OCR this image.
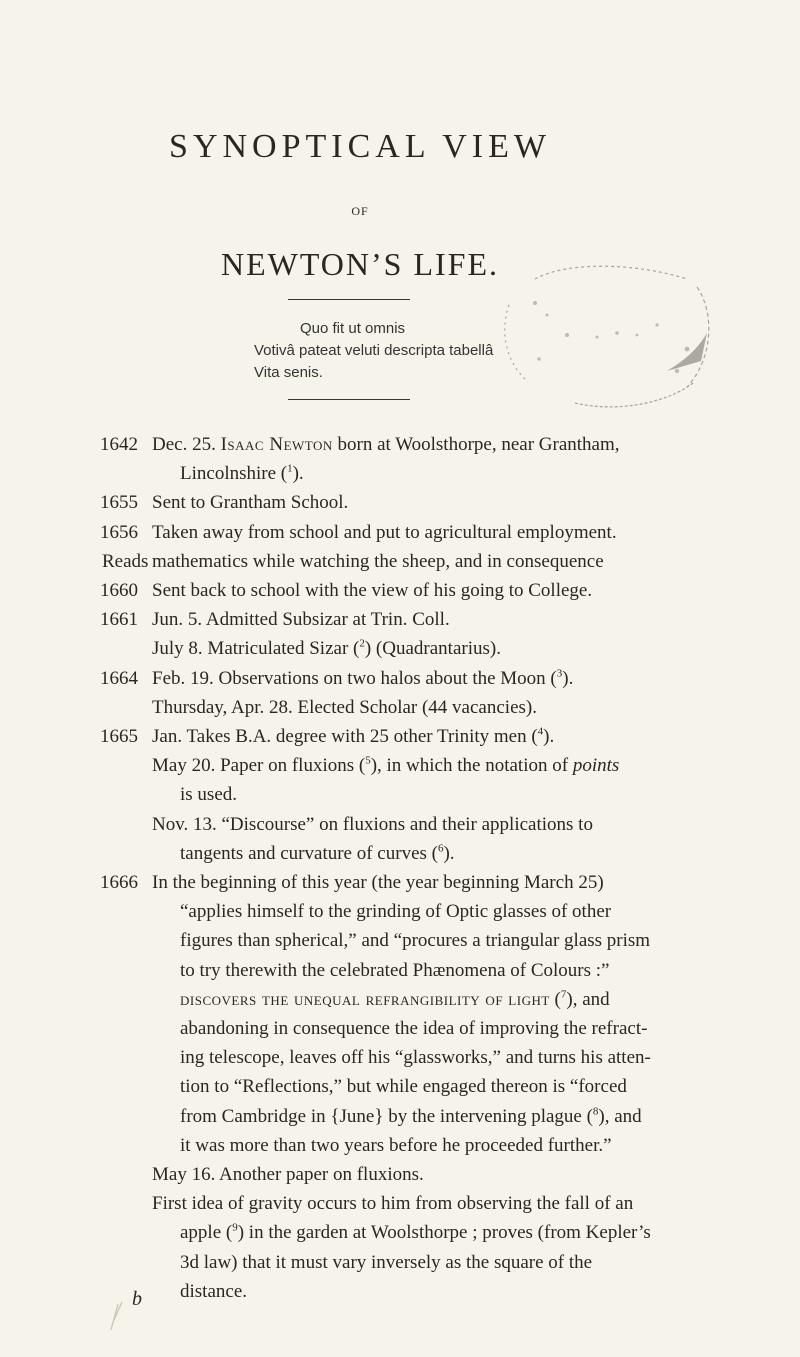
SYNOPTICAL VIEW
OF
NEWTON’S LIFE.
Quo fit ut omnis
Votivâ pateat veluti descripta tabellâ
Vita senis.
1642 Dec. 25. Isaac Newton born at Woolsthorpe, near Grantham,
Lincolnshire ($^1$).
1655 Sent to Grantham School.
1656 Taken away from school and put to agricultural employment.
Reads mathematics while watching the sheep, and in consequence
1660 Sent back to school with the view of his going to College.
1661 Jun. 5. Admitted Subsizar at Trin. Coll.
July 8. Matriculated Sizar ($^2$) (Quadrantarius).
1664 Feb. 19. Observations on two halos about the Moon ($^3$).
Thursday, Apr. 28. Elected Scholar (44 vacancies).
1665 Jan. Takes B.A. degree with 25 other Trinity men ($^4$).
May 20. Paper on fluxions ($^5$), in which the notation of points
is used.
Nov. 13. “Discourse” on fluxions and their applications to
tangents and curvature of curves ($^6$).
1666 In the beginning of this year (the year beginning March 25)
“applies himself to the grinding of Optic glasses of other
figures than spherical,” and “procures a triangular glass prism
to try therewith the celebrated Phænomena of Colours :”
discovers the unequal refrangibility of light ($^7$), and
abandoning in consequence the idea of improving the refract-
ing telescope, leaves off his “glassworks,” and turns his atten-
tion to “Reflections,” but while engaged thereon is “forced
from Cambridge in {June} by the intervening plague ($^8$), and
it was more than two years before he proceeded further.”
May 16. Another paper on fluxions.
First idea of gravity occurs to him from observing the fall of an
apple ($^9$) in the garden at Woolsthorpe ; proves (from Kepler’s
3d law) that it must vary inversely as the square of the
distance.
b
